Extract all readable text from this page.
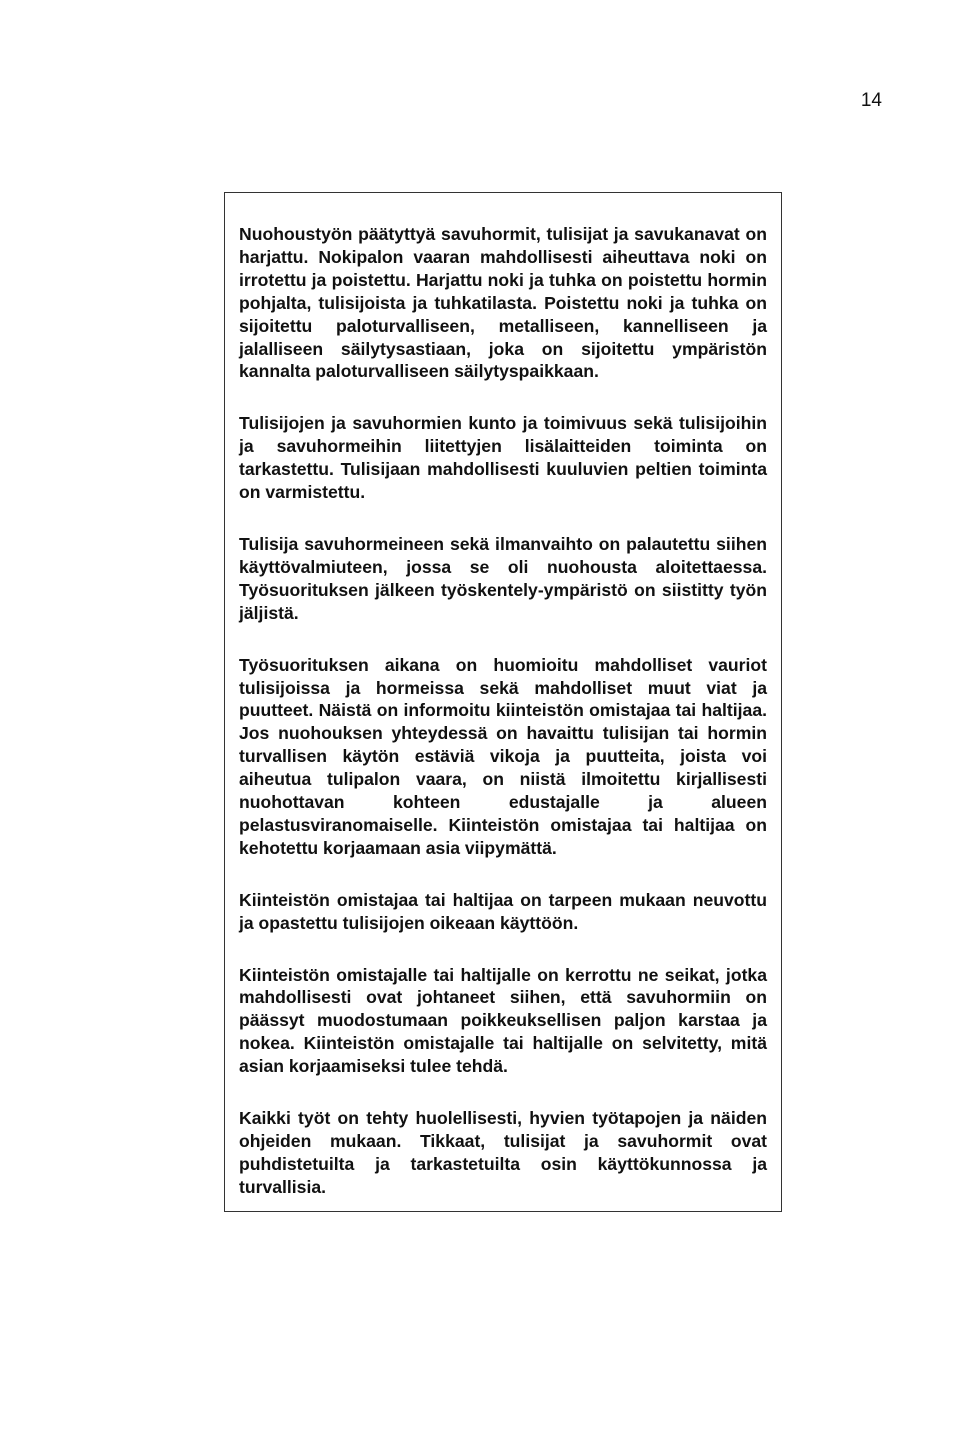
14

Nuohoustyön päätyttyä savuhormit, tulisijat ja savukanavat on harjattu. Nokipalon vaaran mahdollisesti aiheuttava noki on irrotettu ja poistettu. Harjattu noki ja tuhka on poistettu hormin pohjalta, tulisijoista ja tuhkatilasta. Poistettu noki ja tuhka on sijoitettu paloturvalliseen, metalliseen, kannelliseen ja jalalliseen säilytysastiaan, joka on sijoitettu ympäristön kannalta paloturvalliseen säilytyspaikkaan.

Tulisijojen ja savuhormien kunto ja toimivuus sekä tulisijoihin ja savuhormeihin liitettyjen lisälaitteiden toiminta on tarkastettu. Tulisijaan mahdollisesti kuuluvien peltien toiminta on varmistettu.

Tulisija savuhormeineen sekä ilmanvaihto on palautettu siihen käyttövalmiuteen, jossa se oli nuohousta aloitettaessa. Työsuorituksen jälkeen työskentely-ympäristö on siistitty työn jäljistä.

Työsuorituksen aikana on huomioitu mahdolliset vauriot tulisijoissa ja hormeissa sekä mahdolliset muut viat ja puutteet. Näistä on informoitu kiinteistön omistajaa tai haltijaa. Jos nuohouksen yhteydessä on havaittu tulisijan tai hormin turvallisen käytön estäviä vikoja ja puutteita, joista voi aiheutua tulipalon vaara, on niistä ilmoitettu kirjallisesti nuohottavan kohteen edustajalle ja alueen pelastusviranomaiselle. Kiinteistön omistajaa tai haltijaa on kehotettu korjaamaan asia viipymättä.

Kiinteistön omistajaa tai haltijaa on tarpeen mukaan neuvottu ja opastettu tulisijojen oikeaan käyttöön.

Kiinteistön omistajalle tai haltijalle on kerrottu ne seikat, jotka mahdollisesti ovat johtaneet siihen, että savuhormiin on päässyt muodostumaan poikkeuksellisen paljon karstaa ja nokea. Kiinteistön omistajalle tai haltijalle on selvitetty, mitä asian korjaamiseksi tulee tehdä.

Kaikki työt on tehty huolellisesti, hyvien työtapojen ja näiden ohjeiden mukaan. Tikkaat, tulisijat ja savuhormit ovat puhdistetuilta ja tarkastetuilta osin käyttökunnossa ja turvallisia.
